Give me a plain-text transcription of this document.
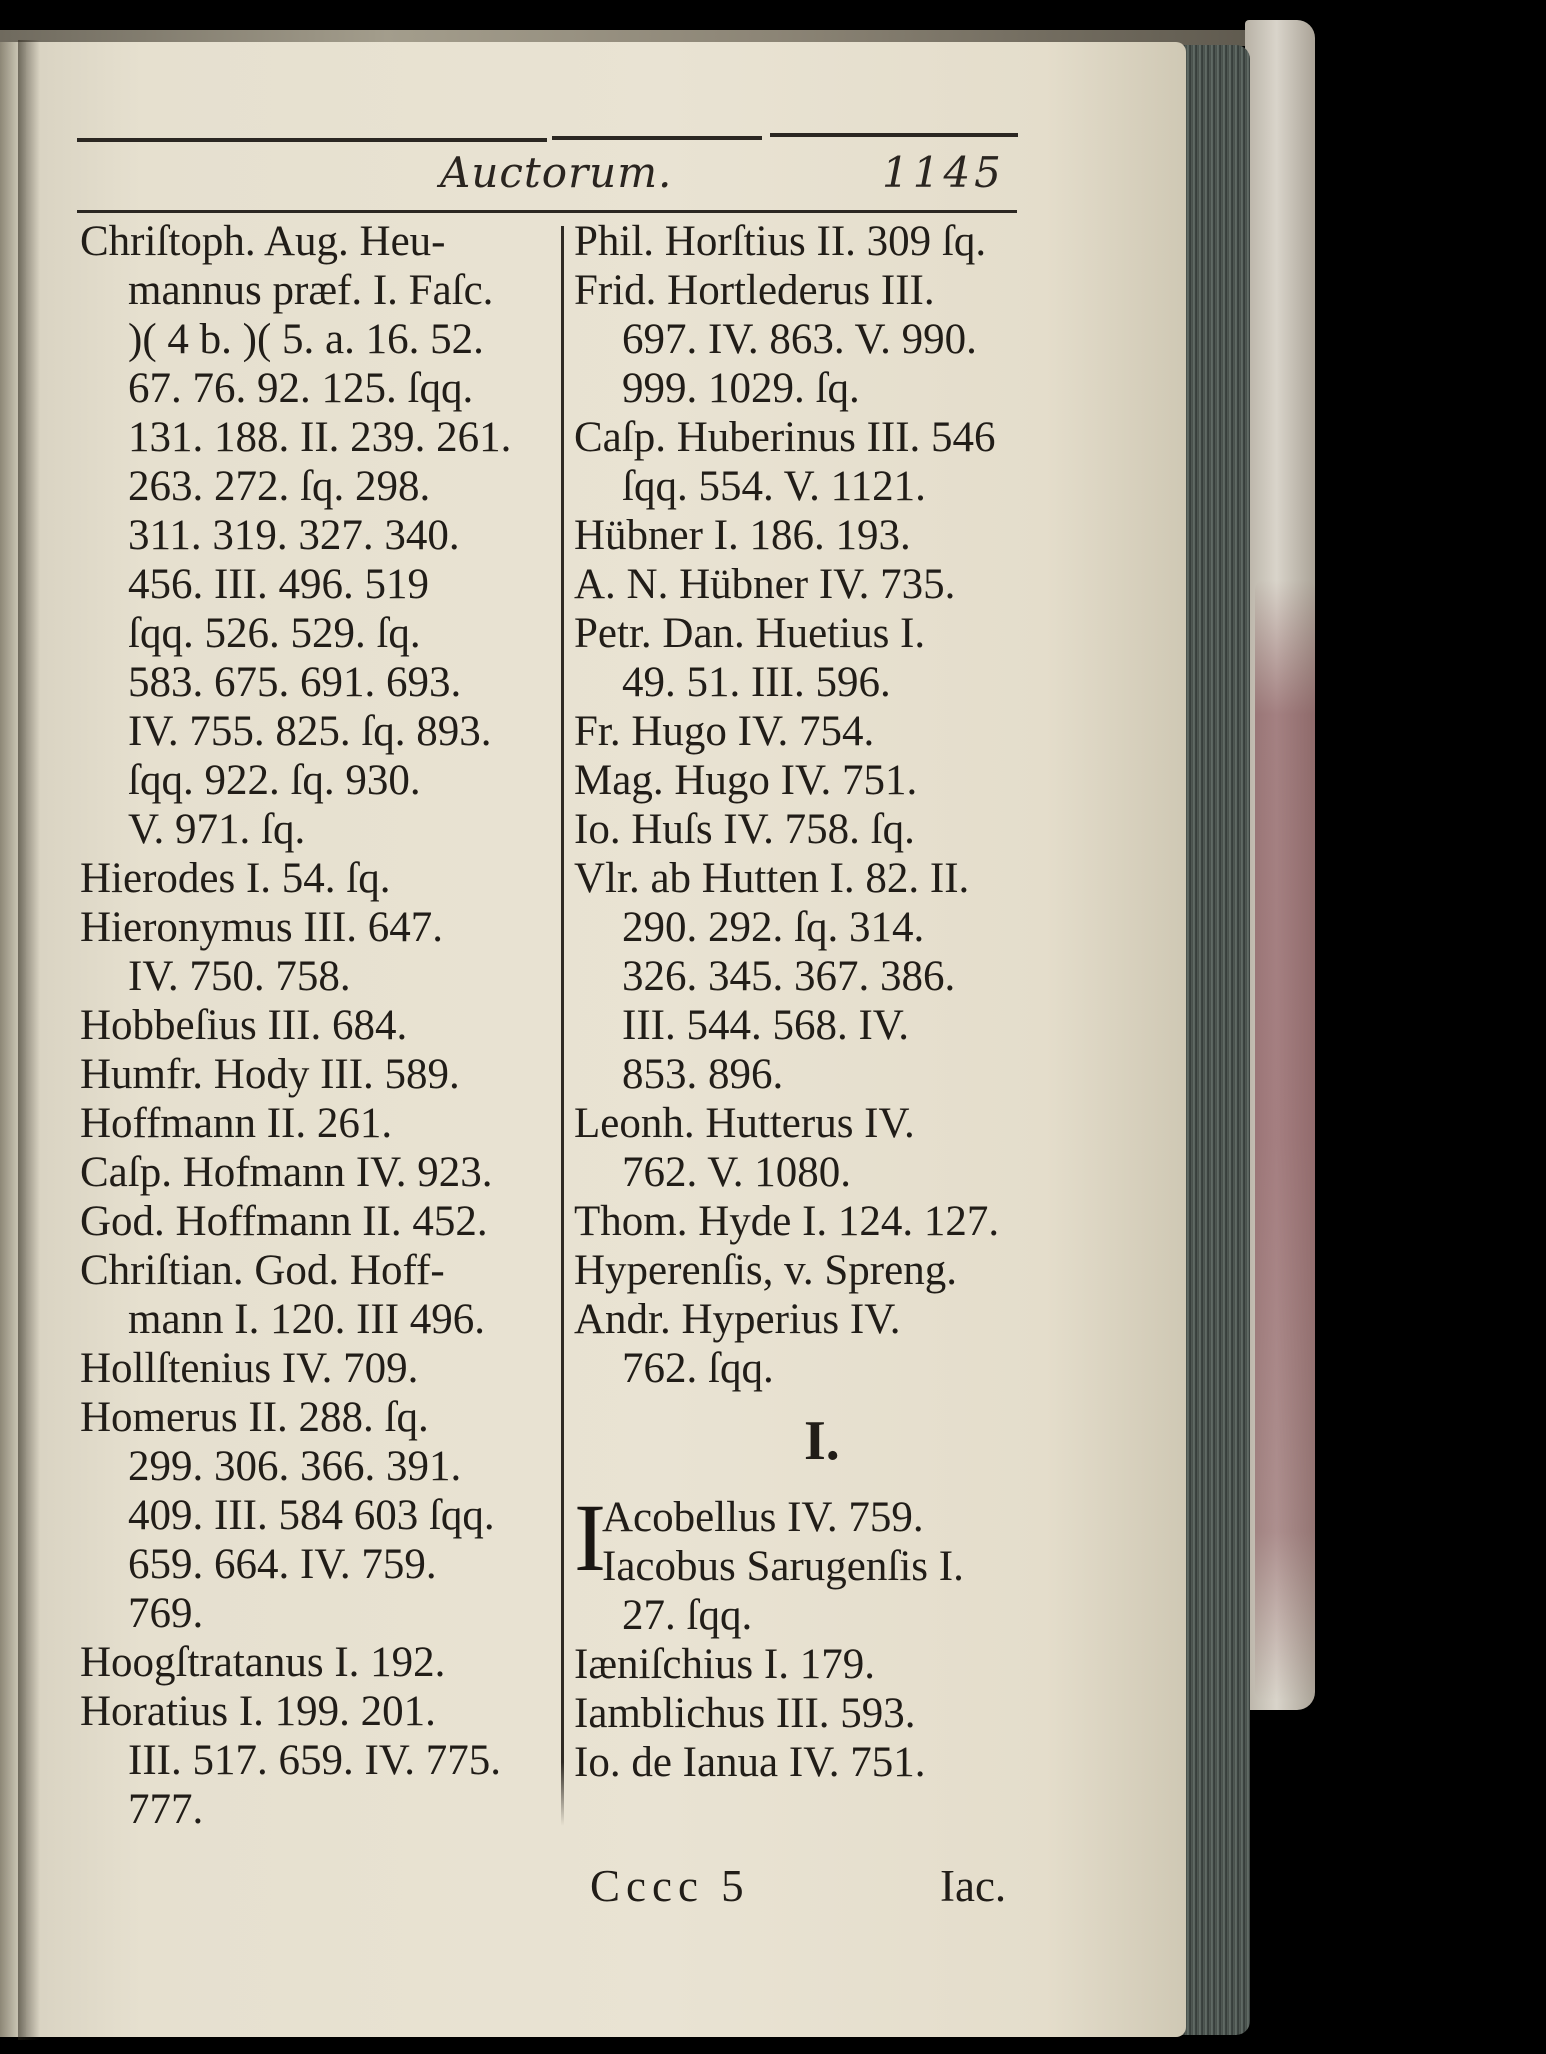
Auctorum.	1145
Chriſtoph. Aug. Heu-
mannus præf. I. Faſc.
)( 4 b. )( 5. a. 16. 52.
67. 76. 92. 125. ſqq.
131. 188. II. 239. 261.
263. 272. ſq. 298.
311. 319. 327. 340.
456. III. 496. 519
ſqq. 526. 529. ſq.
583. 675. 691. 693.
IV. 755. 825. ſq. 893.
ſqq. 922. ſq. 930.
V. 971. ſq.
Hierodes I. 54. ſq.
Hieronymus III. 647.
IV. 750. 758.
Hobbeſius III. 684.
Humfr. Hody III. 589.
Hoffmann II. 261.
Caſp. Hofmann IV. 923.
God. Hoffmann II. 452.
Chriſtian. God. Hoff-
mann I. 120. III 496.
Hollſtenius IV. 709.
Homerus II. 288. ſq.
299. 306. 366. 391.
409. III. 584 603 ſqq.
659. 664. IV. 759.
769.
Hoogſtratanus I. 192.
Horatius I. 199. 201.
III. 517. 659. IV. 775.
777.
Phil. Horſtius II. 309 ſq.
Frid. Hortlederus III.
697. IV. 863. V. 990.
999. 1029. ſq.
Caſp. Huberinus III. 546
ſqq. 554. V. 1121.
Hübner I. 186. 193.
A. N. Hübner IV. 735.
Petr. Dan. Huetius I.
49. 51. III. 596.
Fr. Hugo IV. 754.
Mag. Hugo IV. 751.
Io. Huſs IV. 758. ſq.
Vlr. ab Hutten I. 82. II.
290. 292. ſq. 314.
326. 345. 367. 386.
III. 544. 568. IV.
853. 896.
Leonh. Hutterus IV.
762. V. 1080.
Thom. Hyde I. 124. 127.
Hyperenſis, v. Spreng.
Andr. Hyperius IV.
762. ſqq.
I.
I
Acobellus IV. 759.
Iacobus Sarugenſis I.
27. ſqq.
Iæniſchius I. 179.
Iamblichus III. 593.
Io. de Ianua IV. 751.
Cccc 5	Iac.
